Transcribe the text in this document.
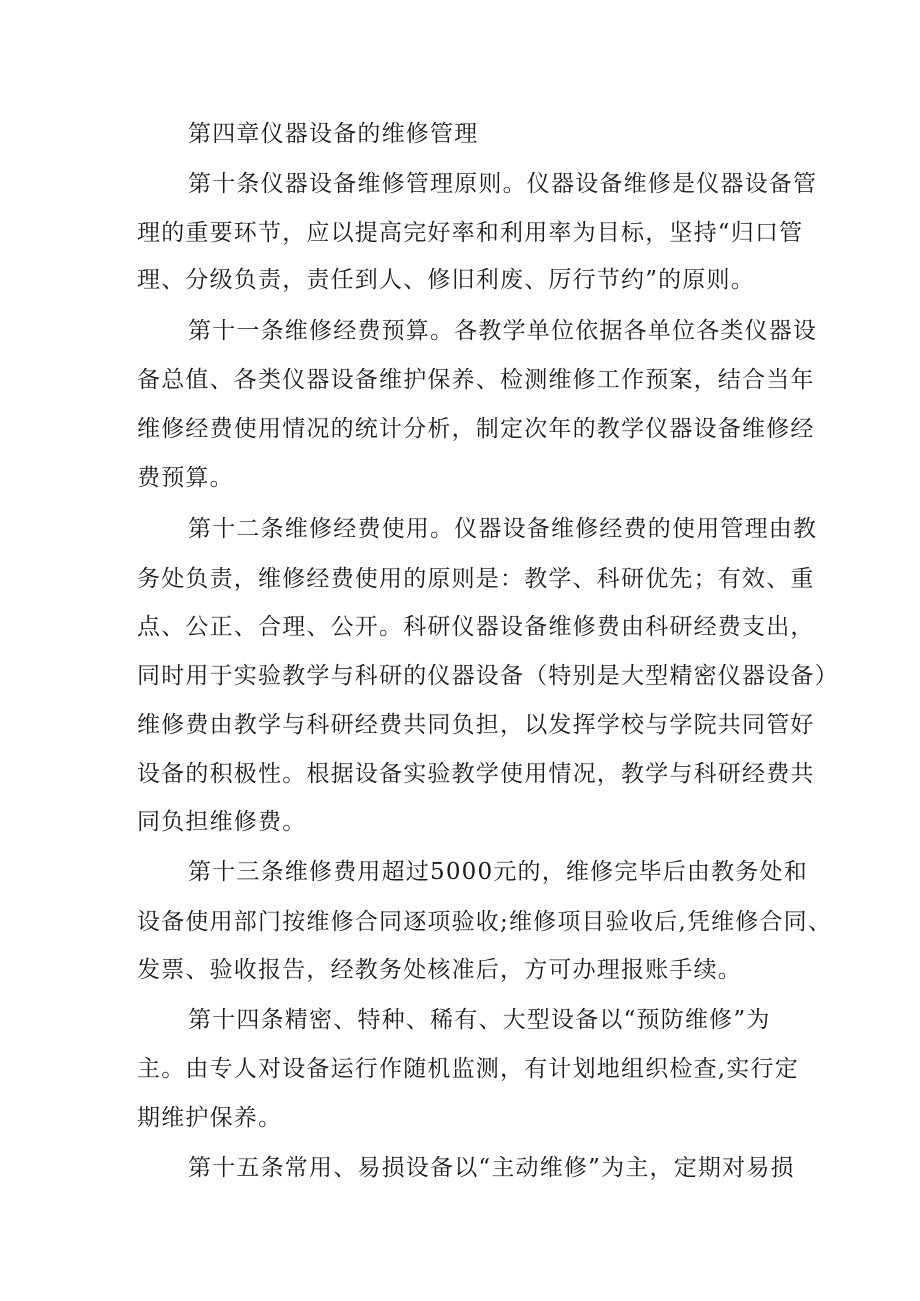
第四章仪器设备的维修管理
第十条仪器设备维修管理原则。仪器设备维修是仪器设备管
理的重要环节，应以提高完好率和利用率为目标，坚持“归口管
理、分级负责，责任到人、修旧利废、厉行节约”的原则。
第十一条维修经费预算。各教学单位依据各单位各类仪器设
备总值、各类仪器设备维护保养、检测维修工作预案，结合当年
维修经费使用情况的统计分析，制定次年的教学仪器设备维修经
费预算。
第十二条维修经费使用。仪器设备维修经费的使用管理由教
务处负责，维修经费使用的原则是：教学、科研优先；有效、重
点、公正、合理、公开。科研仪器设备维修费由科研经费支出，
同时用于实验教学与科研的仪器设备（特别是大型精密仪器设备）
维修费由教学与科研经费共同负担，以发挥学校与学院共同管好
设备的积极性。根据设备实验教学使用情况，教学与科研经费共
同负担维修费。
第十三条维修费用超过5000元的，维修完毕后由教务处和
设备使用部门按维修合同逐项验收;维修项目验收后,凭维修合同、
发票、验收报告，经教务处核准后，方可办理报账手续。
第十四条精密、特种、稀有、大型设备以“预防维修”为
主。由专人对设备运行作随机监测，有计划地组织检查,实行定
期维护保养。
第十五条常用、易损设备以“主动维修”为主，定期对易损
